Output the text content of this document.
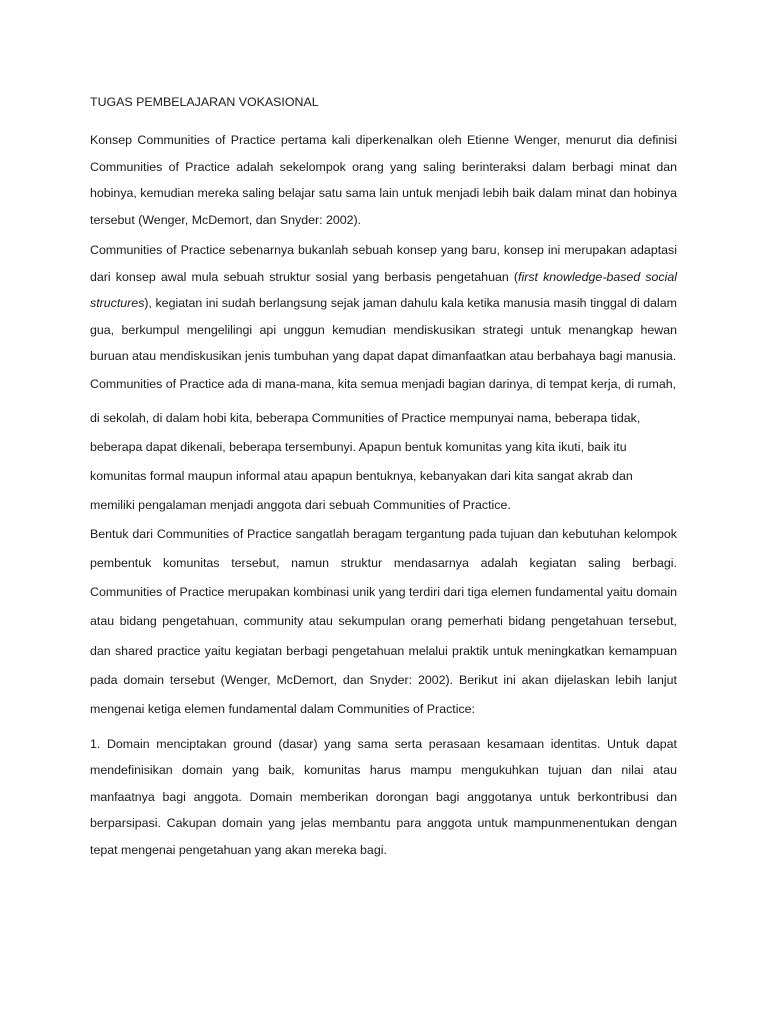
TUGAS PEMBELAJARAN VOKASIONAL

Konsep Communities of Practice pertama kali diperkenalkan oleh Etienne Wenger, menurut dia definisi Communities of Practice adalah sekelompok orang yang saling berinteraksi dalam berbagi minat dan hobinya, kemudian mereka saling belajar satu sama lain untuk menjadi lebih baik dalam minat dan hobinya tersebut (Wenger, McDemort, dan Snyder: 2002).

Communities of Practice sebenarnya bukanlah sebuah konsep yang baru, konsep ini merupakan adaptasi dari konsep awal mula sebuah struktur sosial yang berbasis pengetahuan (first knowledge-based social structures), kegiatan ini sudah berlangsung sejak jaman dahulu kala ketika manusia masih tinggal di dalam gua, berkumpul mengelilingi api unggun kemudian mendiskusikan strategi untuk menangkap hewan buruan atau mendiskusikan jenis tumbuhan yang dapat dapat dimanfaatkan atau berbahaya bagi manusia.

Communities of Practice ada di mana-mana, kita semua menjadi bagian darinya, di tempat kerja, di rumah,

di sekolah, di dalam hobi kita, beberapa Communities of Practice mempunyai nama, beberapa tidak,
beberapa dapat dikenali, beberapa tersembunyi. Apapun bentuk komunitas yang kita ikuti, baik itu
komunitas formal maupun informal atau apapun bentuknya, kebanyakan dari kita sangat akrab dan
memiliki pengalaman menjadi anggota dari sebuah Communities of Practice.

Bentuk dari Communities of Practice sangatlah beragam tergantung pada tujuan dan kebutuhan kelompok pembentuk komunitas tersebut, namun struktur mendasarnya adalah kegiatan saling berbagi. Communities of Practice merupakan kombinasi unik yang terdiri dari tiga elemen fundamental yaitu domain atau bidang pengetahuan, community atau sekumpulan orang pemerhati bidang pengetahuan tersebut, dan shared practice yaitu kegiatan berbagi pengetahuan melalui praktik untuk meningkatkan kemampuan pada domain tersebut (Wenger, McDemort, dan Snyder: 2002). Berikut ini akan dijelaskan lebih lanjut mengenai ketiga elemen fundamental dalam Communities of Practice:

1. Domain menciptakan ground (dasar) yang sama serta perasaan kesamaan identitas. Untuk dapat mendefinisikan domain yang baik, komunitas harus mampu mengukuhkan tujuan dan nilai atau manfaatnya bagi anggota. Domain memberikan dorongan bagi anggotanya untuk berkontribusi dan berparsipasi. Cakupan domain yang jelas membantu para anggota untuk mampunmenentukan dengan tepat mengenai pengetahuan yang akan mereka bagi.
